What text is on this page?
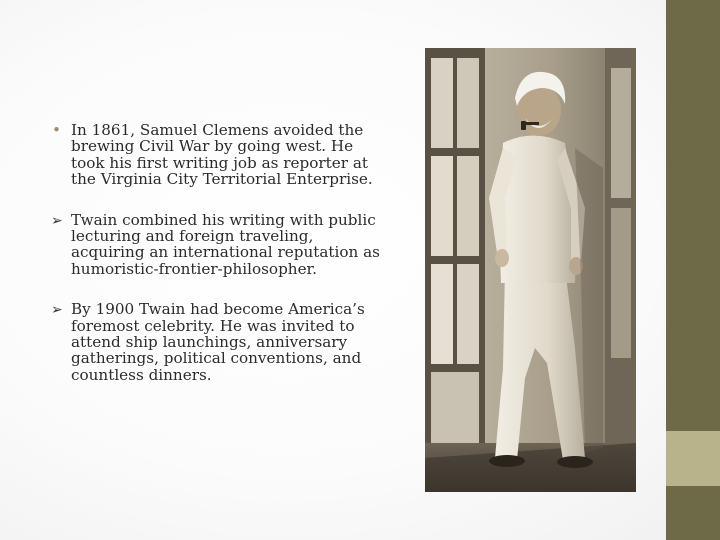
• In 1861, Samuel Clemens avoided the brewing Civil War by going west. He took his first writing job as reporter at the Virginia City Territorial Enterprise.
➢ Twain combined his writing with public lecturing and foreign traveling, acquiring an international reputation as humoristic-frontier-philosopher.
➢ By 1900 Twain had become America’s foremost celebrity. He was invited to attend ship launchings, anniversary gatherings, political conventions, and countless dinners.
